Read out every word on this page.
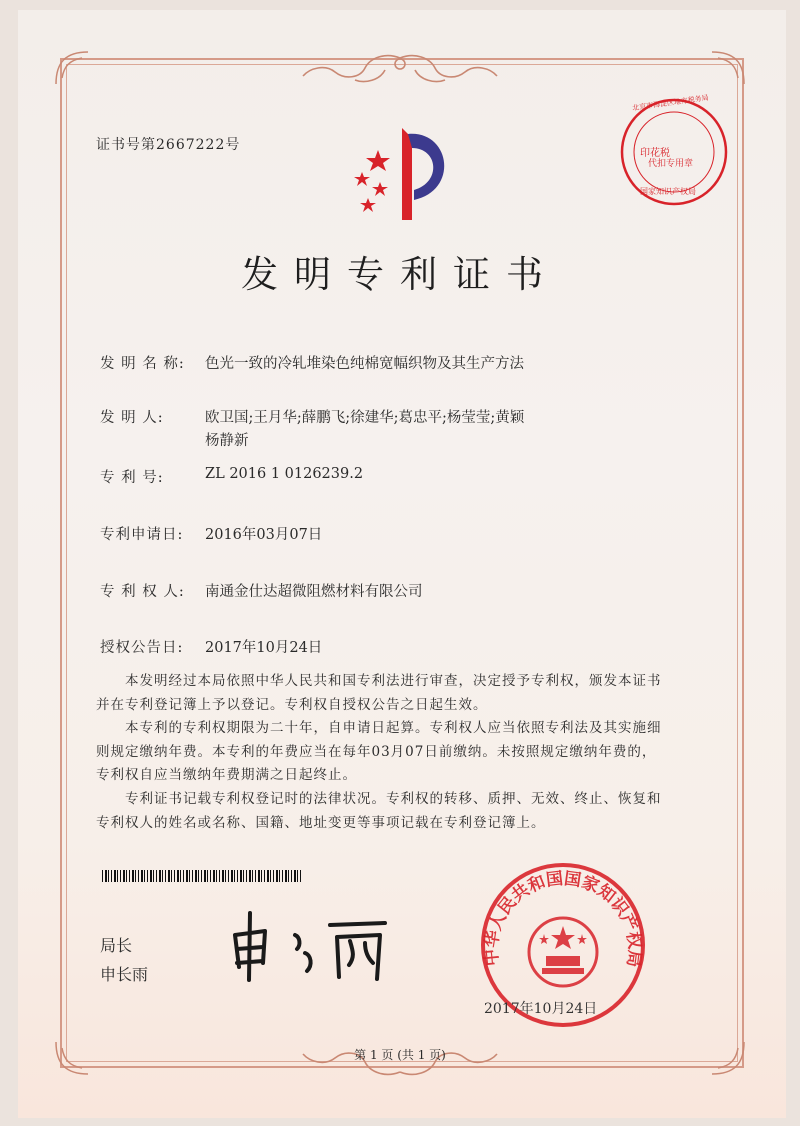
证书号第2667222号
印花税
代扣专用章
北京市海淀区地方税务局
国家知识产权局
发明专利证书
发 明 名 称: 色光一致的冷轧堆染色纯棉宽幅织物及其生产方法
发 明 人:	欧卫国;王月华;薛鹏飞;徐建华;葛忠平;杨莹莹;黄颖
杨静新
专 利 号:	ZL 2016 1 0126239.2
专利申请日: 2016年03月07日
专 利 权 人: 南通金仕达超微阻燃材料有限公司
授权公告日: 2017年10月24日
　　本发明经过本局依照中华人民共和国专利法进行审查，决定授予专利权，颁发本证书
并在专利登记簿上予以登记。专利权自授权公告之日起生效。
　　本专利的专利权期限为二十年，自申请日起算。专利权人应当依照专利法及其实施细
则规定缴纳年费。本专利的年费应当在每年03月07日前缴纳。未按照规定缴纳年费的，
专利权自应当缴纳年费期满之日起终止。
　　专利证书记载专利权登记时的法律状况。专利权的转移、质押、无效、终止、恢复和
专利权人的姓名或名称、国籍、地址变更等事项记载在专利登记簿上。
局长
申长雨
中华人民共和国国家知识产权局
2017年10月24日
第 1 页 (共 1 页)
